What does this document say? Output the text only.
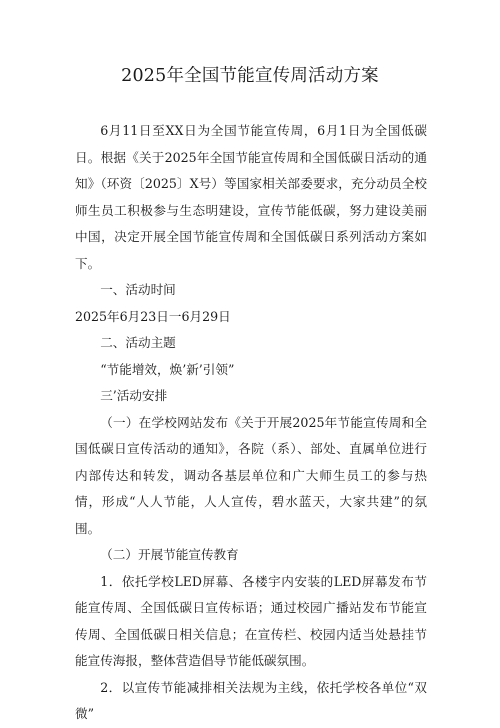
2025年全国节能宣传周活动方案

6月11日至XX日为全国节能宣传周，6月1日为全国低碳日。根据《关于2025年全国节能宣传周和全国低碳日活动的通知》（环资〔2025〕X号）等国家相关部委要求，充分动员全校师生员工积极参与生态明建设，宣传节能低碳，努力建设美丽中国，决定开展全国节能宣传周和全国低碳日系列活动方案如下。

一、活动时间

2025年6月23日一6月29日

二、活动主题

“节能增效，焕’新’引领”

三’活动安排

（一）在学校网站发布《关于开展2025年节能宣传周和全国低碳日宣传活动的通知》，各院（系）、部处、直属单位进行内部传达和转发，调动各基层单位和广大师生员工的参与热情，形成“人人节能，人人宣传，碧水蓝天，大家共建”的氛围。

（二）开展节能宣传教育

1．依托学校LED屏幕、各楼宇内安装的LED屏幕发布节能宣传周、全国低碳日宣传标语；通过校园广播站发布节能宣传周、全国低碳日相关信息；在宣传栏、校园内适当处悬挂节能宣传海报，整体营造倡导节能低碳氛围。

2．以宣传节能减排相关法规为主线，依托学校各单位“双微”
